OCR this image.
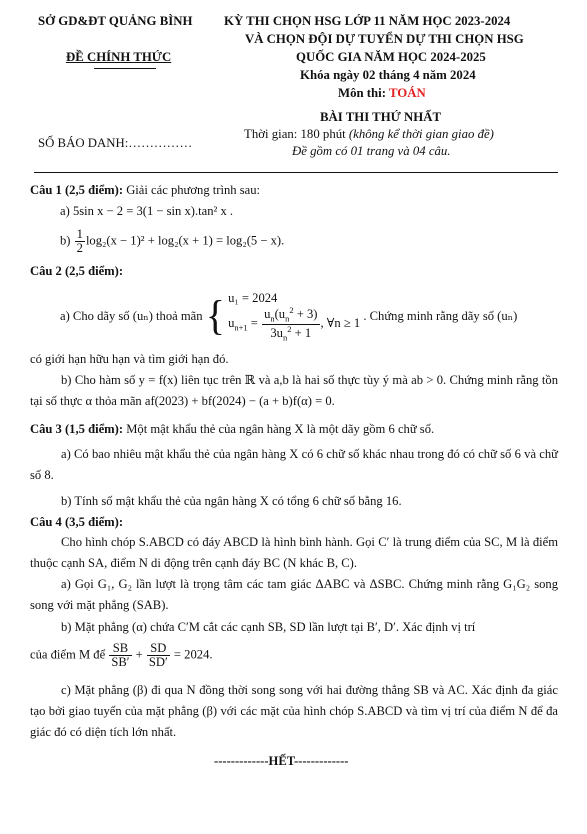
SỞ GD&ĐT QUẢNG BÌNH
ĐỀ CHÍNH THỨC
KỲ THI CHỌN HSG LỚP 11 NĂM HỌC 2023-2024
VÀ CHỌN ĐỘI DỰ TUYỂN DỰ THI CHỌN HSG
QUỐC GIA NĂM HỌC 2024-2025
Khóa ngày 02 tháng 4 năm 2024
Môn thi: TOÁN
BÀI THI THỨ NHẤT
Thời gian: 180 phút (không kể thời gian giao đề)
Đề gồm có 01 trang và 04 câu.
SỐ BÁO DANH:……………
Câu 1 (2,5 điểm): Giải các phương trình sau:
a) 5sin x − 2 = 3(1 − sin x).tan² x .
$b) \frac{1}{2} \log_2(x - 1)^2 + \log_2(x + 1) = \log_2(5 - x)$.
Câu 2 (2,5 điểm):
a) Cho dãy số (uₙ) thoả mãn { u₁ = 2024
$u_{n+1} = \frac{u_n(u_n^2 + 3)}{3u_n^2 + 1}$ , ∀n ≥ 1
. Chứng minh rằng dãy số (uₙ)
có giới hạn hữu hạn và tìm giới hạn đó.
b) Cho hàm số y = f(x) liên tục trên ℝ và a,b là hai số thực tùy ý mà ab > 0. Chứng minh rằng tồn tại số thực α thỏa mãn af(2023) + bf(2024) − (a + b)f(α) = 0.
Câu 3 (1,5 điểm): Một mật khẩu thẻ của ngân hàng X là một dãy gồm 6 chữ số.
a) Có bao nhiêu mật khẩu thẻ của ngân hàng X có 6 chữ số khác nhau trong đó có chữ số 6 và chữ số 8.
b) Tính số mật khẩu thẻ của ngân hàng X có tổng 6 chữ số bằng 16.
Câu 4 (3,5 điểm):
Cho hình chóp S.ABCD có đáy ABCD là hình bình hành. Gọi C′ là trung điểm của SC, M là điểm thuộc cạnh SA, điểm N di động trên cạnh đáy BC (N khác B, C).
a) Gọi G₁, G₂ lần lượt là trọng tâm các tam giác ΔABC và ΔSBC. Chứng minh rằng G₁G₂ song song với mặt phẳng (SAB).
b) Mặt phẳng (α) chứa C′M cắt các cạnh SB, SD lần lượt tại B′, D′. Xác định vị trí
của điểm M để $\frac{SB}{SB'} + \frac{SD}{SD'} = 2024$.
c) Mặt phẳng (β) đi qua N đồng thời song song với hai đường thẳng SB và AC. Xác định đa giác tạo bởi giao tuyến của mặt phẳng (β) với các mặt của hình chóp S.ABCD và tìm vị trí của điểm N để đa giác đó có diện tích lớn nhất.
-------------HẾT-------------
